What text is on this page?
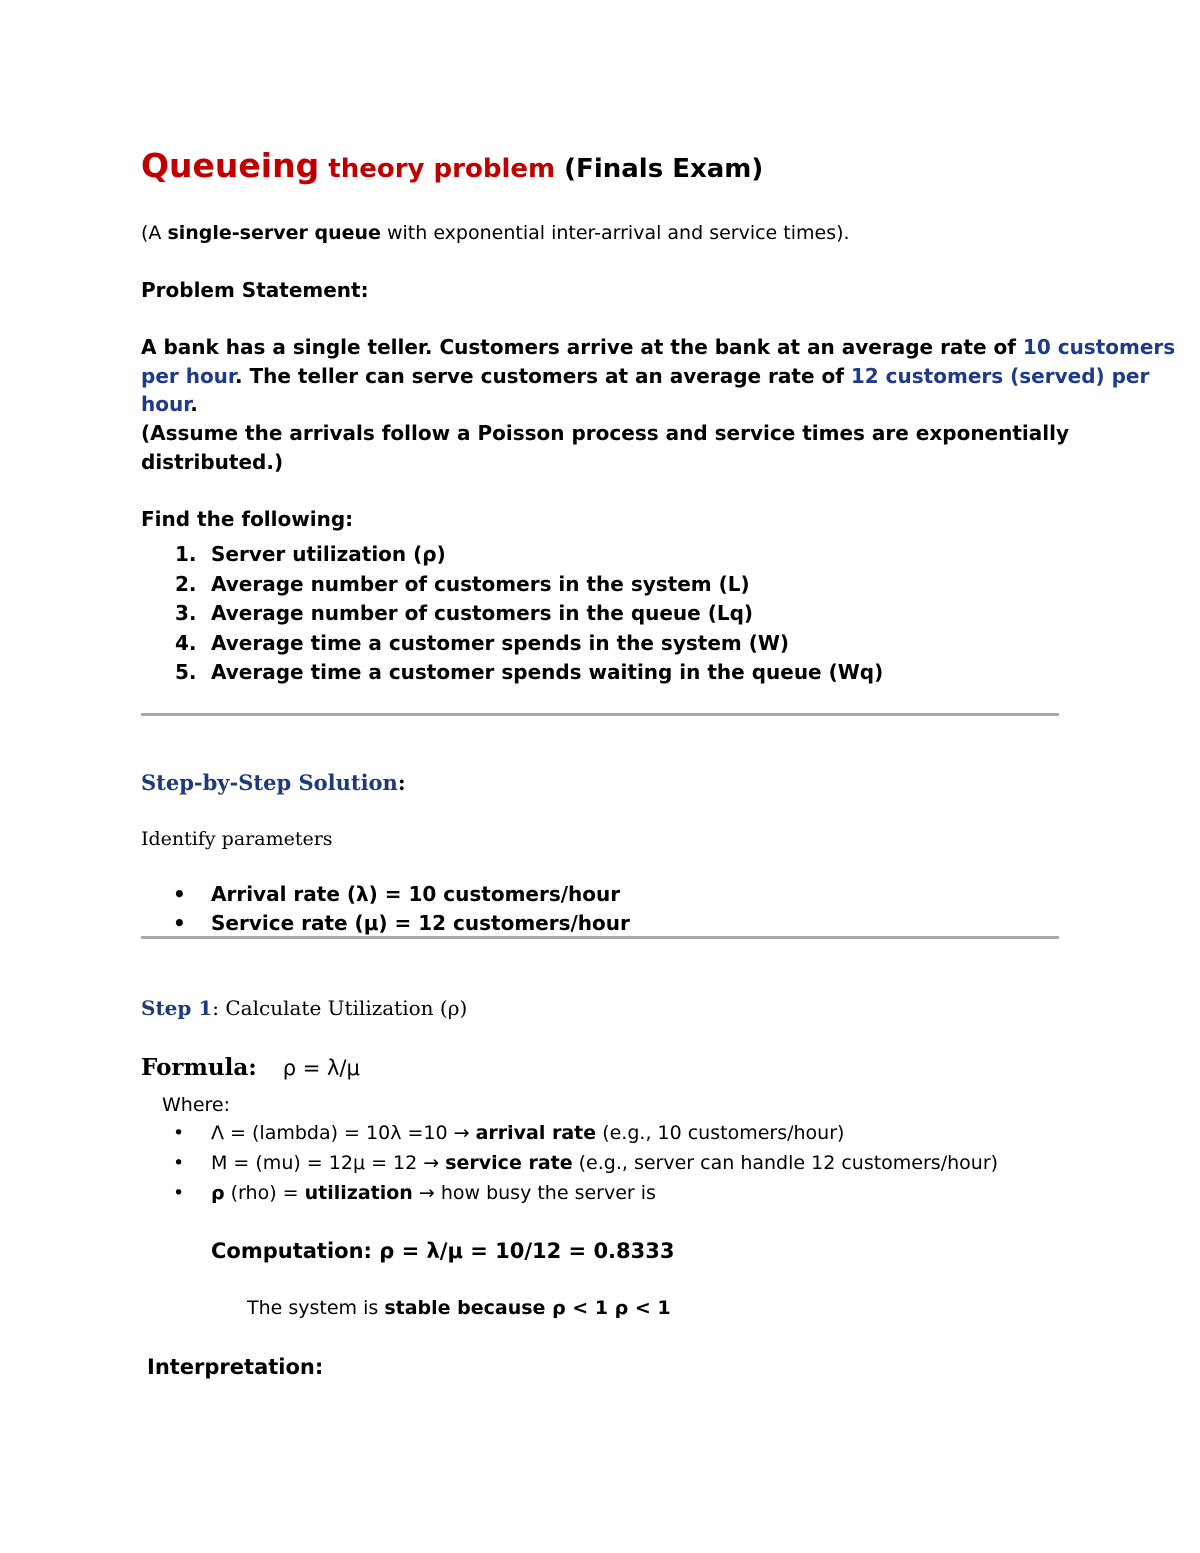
Queueing theory problem (Finals Exam)
(A single-server queue with exponential inter-arrival and service times).
Problem Statement:
A bank has a single teller. Customers arrive at the bank at an average rate of 10 customers
per hour. The teller can serve customers at an average rate of 12 customers (served) per
hour.
(Assume the arrivals follow a Poisson process and service times are exponentially
distributed.)
Find the following:
1. Server utilization (ρ)
2. Average number of customers in the system (L)
3. Average number of customers in the queue (Lq)
4. Average time a customer spends in the system (W)
5. Average time a customer spends waiting in the queue (Wq)
Step-by-Step Solution:
Identify parameters
• Arrival rate (λ) = 10 customers/hour
• Service rate (μ) = 12 customers/hour
Step 1: Calculate Utilization (ρ)
Formula: ρ = λ/μ
Where:
• Λ = (lambda) = 10λ =10 → arrival rate (e.g., 10 customers/hour)
• Μ = (mu) = 12μ = 12 → service rate (e.g., server can handle 12 customers/hour)
• ρ (rho) = utilization → how busy the server is
Computation: ρ = λ/μ = 10/12 = 0.8333
The system is stable because ρ < 1 ρ < 1
Interpretation:
